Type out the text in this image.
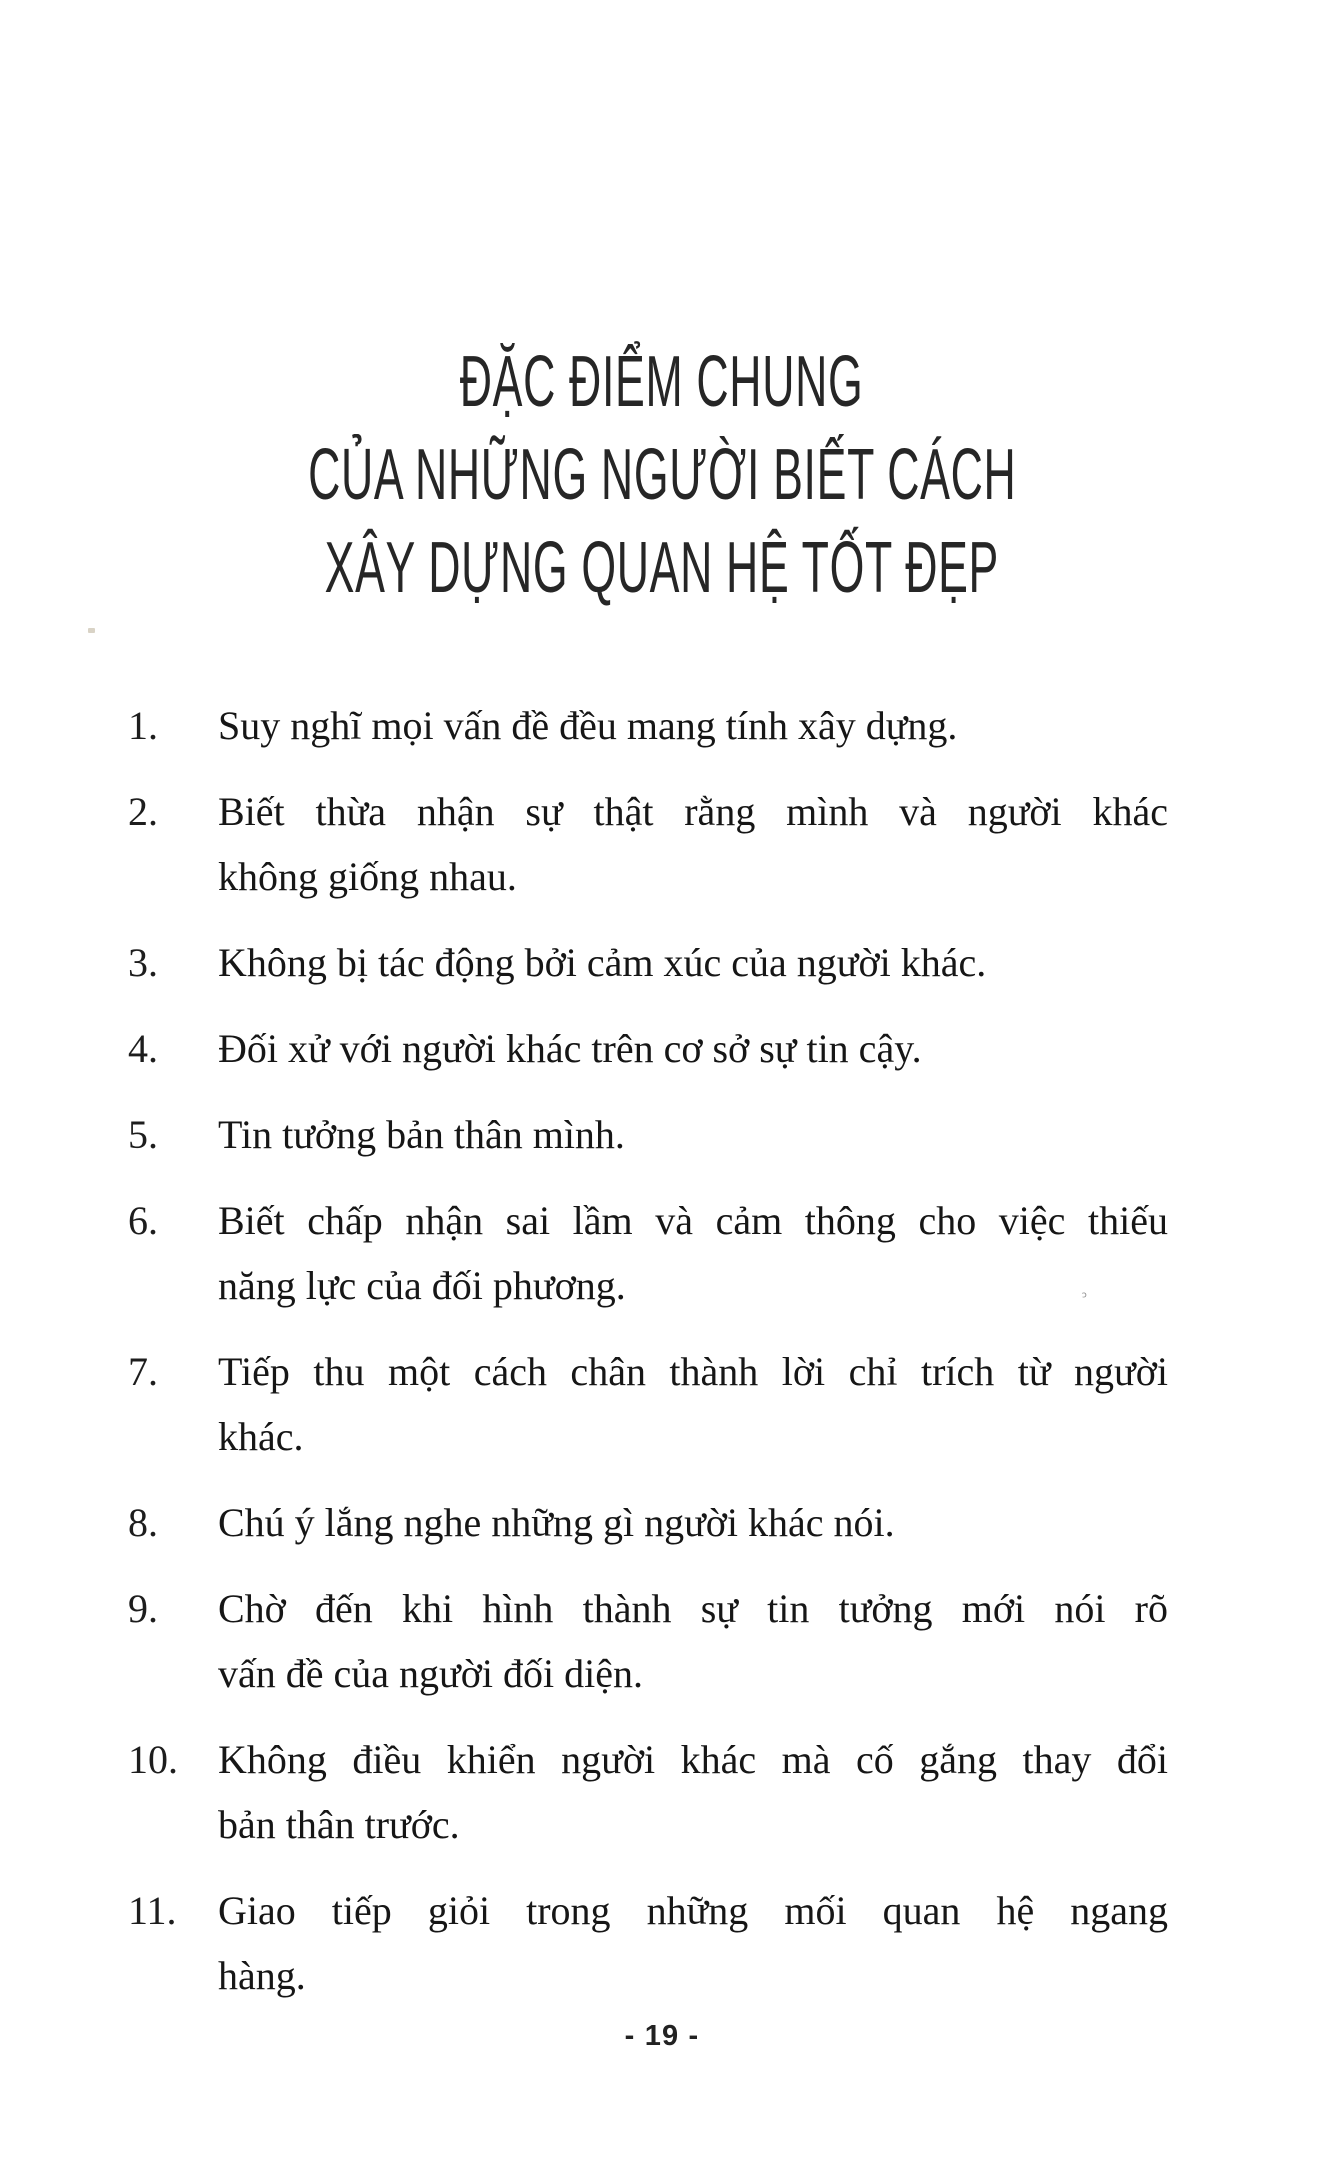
ĐẶC ĐIỂM CHUNG
CỦA NHỮNG NGƯỜI BIẾT CÁCH
XÂY DỰNG QUAN HỆ TỐT ĐẸP
1.	Suy nghĩ mọi vấn đề đều mang tính xây dựng.
2.	Biết thừa nhận sự thật rằng mình và người khác
không giống nhau.
3.	Không bị tác động bởi cảm xúc của người khác.
4.	Đối xử với người khác trên cơ sở sự tin cậy.
5.	Tin tưởng bản thân mình.
6.	Biết chấp nhận sai lầm và cảm thông cho việc thiếu
năng lực của đối phương.
7.	Tiếp thu một cách chân thành lời chỉ trích từ người
khác.
8.	Chú ý lắng nghe những gì người khác nói.
9.	Chờ đến khi hình thành sự tin tưởng mới nói rõ
vấn đề của người đối diện.
10.	Không điều khiển người khác mà cố gắng thay đổi
bản thân trước.
11.	Giao tiếp giỏi trong những mối quan hệ ngang
hàng.
- 19 -
ᵓ
